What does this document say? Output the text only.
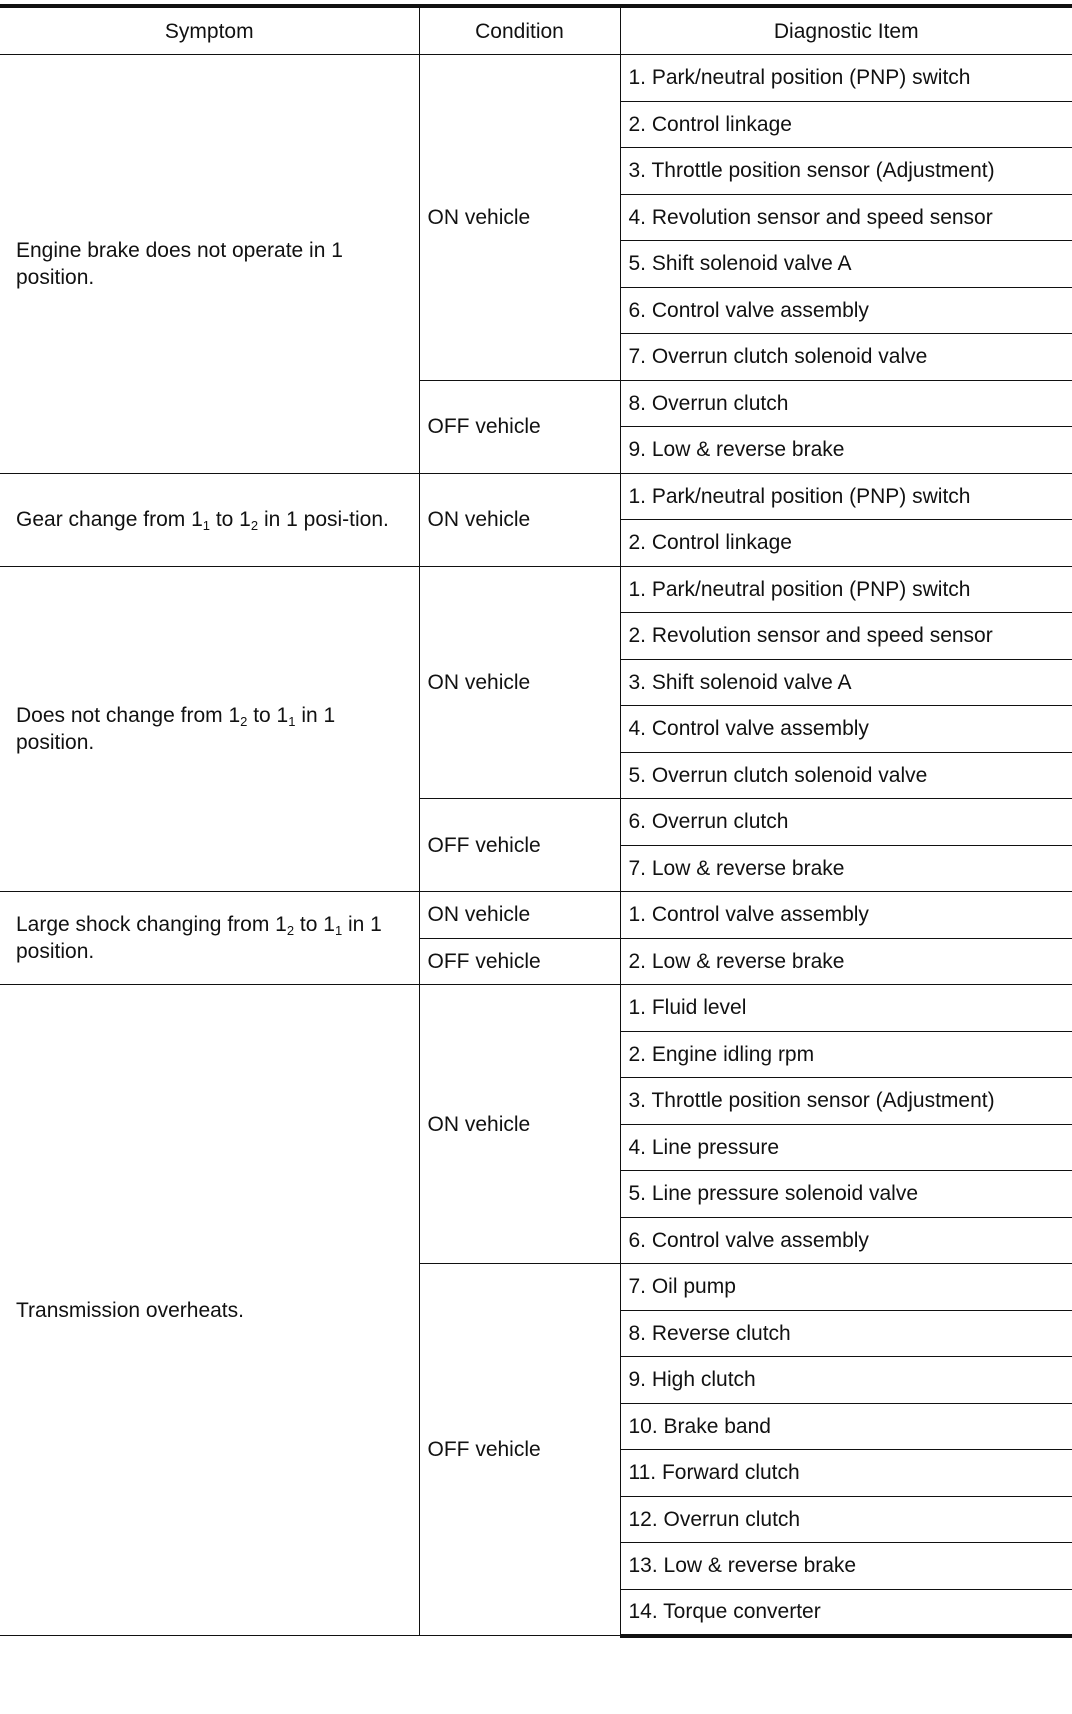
Symptom	Condition	Diagnostic Item
Engine brake does not operate in 1 position.	ON vehicle	1. Park/neutral position (PNP) switch
		2. Control linkage
		3. Throttle position sensor (Adjustment)
		4. Revolution sensor and speed sensor
		5. Shift solenoid valve A
		6. Control valve assembly
		7. Overrun clutch solenoid valve
	OFF vehicle	8. Overrun clutch
		9. Low & reverse brake
Gear change from $1_1$ to $1_2$ in 1 posi-tion.	ON vehicle	1. Park/neutral position (PNP) switch
		2. Control linkage
Does not change from $1_2$ to $1_1$ in 1 position.	ON vehicle	1. Park/neutral position (PNP) switch
		2. Revolution sensor and speed sensor
		3. Shift solenoid valve A
		4. Control valve assembly
		5. Overrun clutch solenoid valve
	OFF vehicle	6. Overrun clutch
		7. Low & reverse brake
Large shock changing from $1_2$ to $1_1$ in 1 position.	ON vehicle	1. Control valve assembly
	OFF vehicle	2. Low & reverse brake
Transmission overheats.	ON vehicle	1. Fluid level
		2. Engine idling rpm
		3. Throttle position sensor (Adjustment)
		4. Line pressure
		5. Line pressure solenoid valve
		6. Control valve assembly
	OFF vehicle	7. Oil pump
		8. Reverse clutch
		9. High clutch
		10. Brake band
		11. Forward clutch
		12. Overrun clutch
		13. Low & reverse brake
		14. Torque converter
